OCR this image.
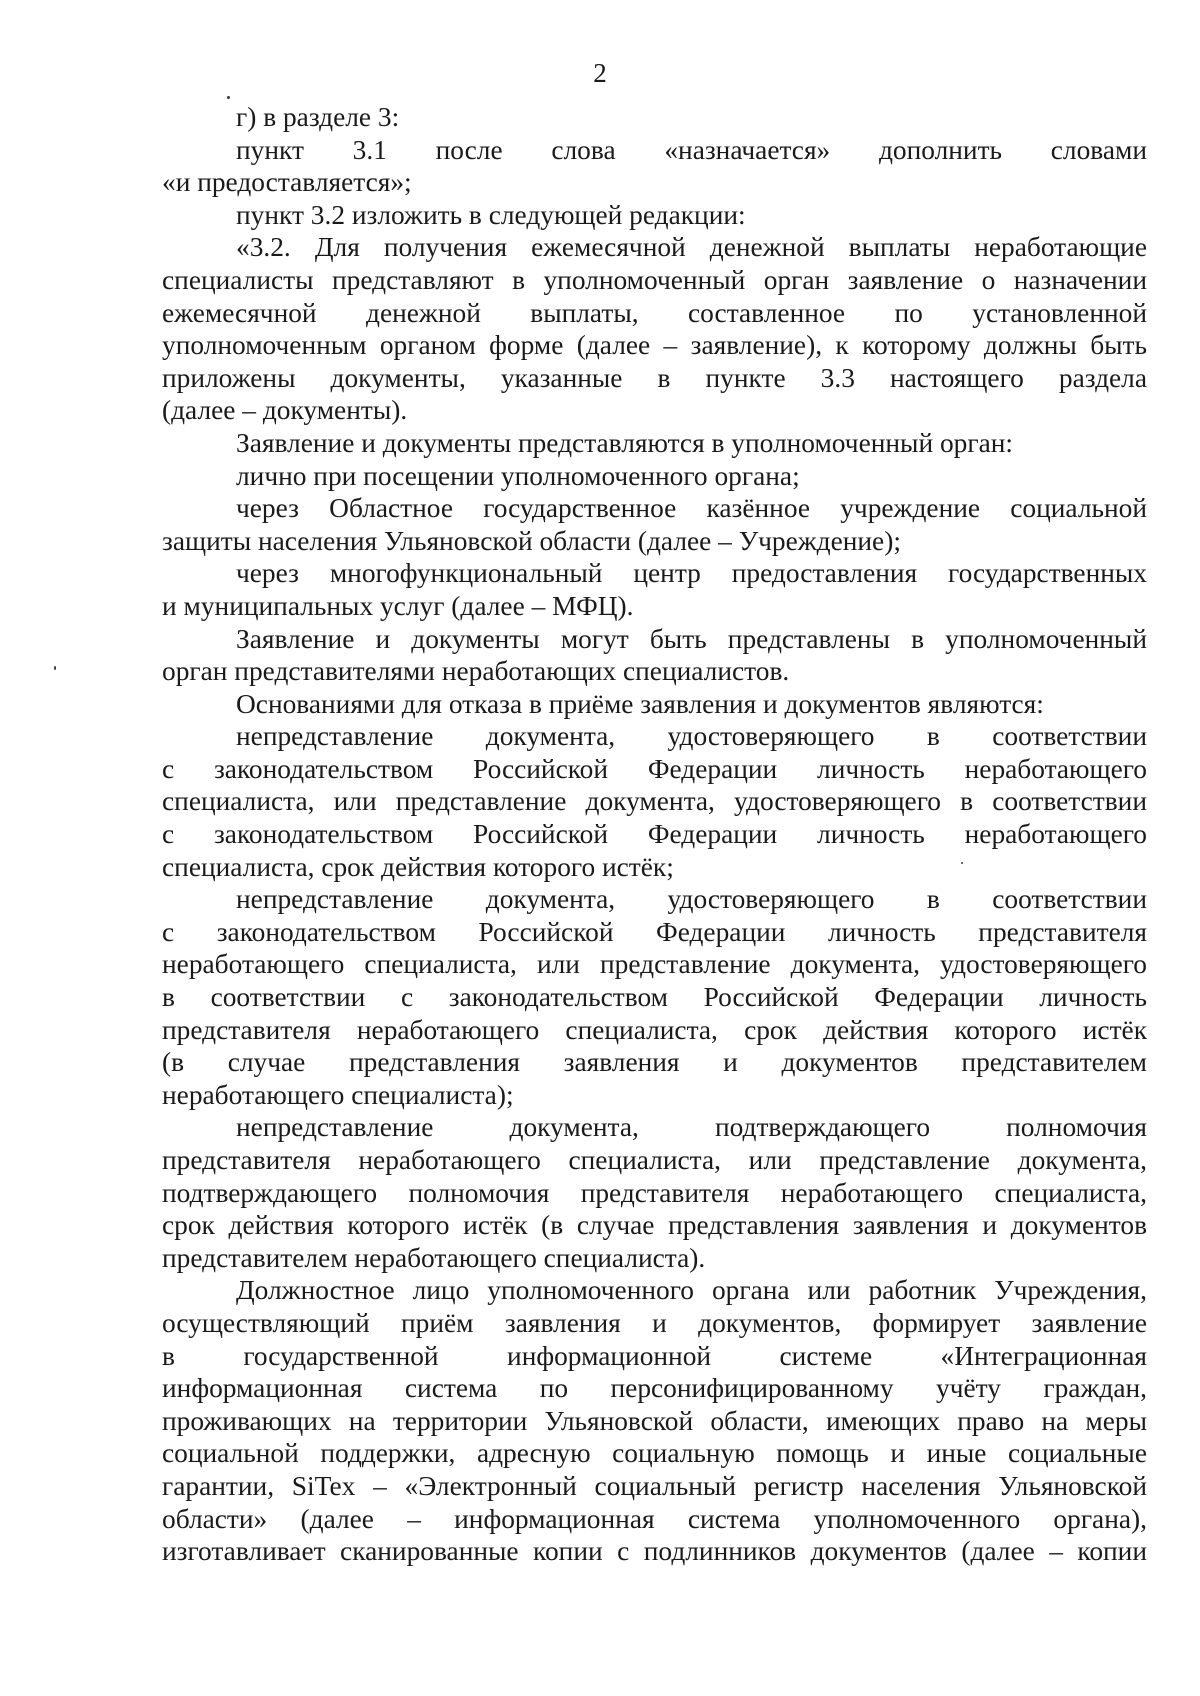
2
г) в разделе 3:
пункт 3.1 после слова «назначается» дополнить словами
«и предоставляется»;
пункт 3.2 изложить в следующей редакции:
«3.2. Для получения ежемесячной денежной выплаты неработающие
специалисты представляют в уполномоченный орган заявление о назначении
ежемесячной денежной выплаты, составленное по установленной
уполномоченным органом форме (далее – заявление), к которому должны быть
приложены документы, указанные в пункте 3.3 настоящего раздела
(далее – документы).
Заявление и документы представляются в уполномоченный орган:
лично при посещении уполномоченного органа;
через Областное государственное казённое учреждение социальной
защиты населения Ульяновской области (далее – Учреждение);
через многофункциональный центр предоставления государственных
и муниципальных услуг (далее – МФЦ).
Заявление и документы могут быть представлены в уполномоченный
орган представителями неработающих специалистов.
Основаниями для отказа в приёме заявления и документов являются:
непредставление документа, удостоверяющего в соответствии
с законодательством Российской Федерации личность неработающего
специалиста, или представление документа, удостоверяющего в соответствии
с законодательством Российской Федерации личность неработающего
специалиста, срок действия которого истёк;
непредставление документа, удостоверяющего в соответствии
с законодательством Российской Федерации личность представителя
неработающего специалиста, или представление документа, удостоверяющего
в соответствии с законодательством Российской Федерации личность
представителя неработающего специалиста, срок действия которого истёк
(в случае представления заявления и документов представителем
неработающего специалиста);
непредставление документа, подтверждающего полномочия
представителя неработающего специалиста, или представление документа,
подтверждающего полномочия представителя неработающего специалиста,
срок действия которого истёк (в случае представления заявления и документов
представителем неработающего специалиста).
Должностное лицо уполномоченного органа или работник Учреждения,
осуществляющий приём заявления и документов, формирует заявление
в государственной информационной системе «Интеграционная
информационная система по персонифицированному учёту граждан,
проживающих на территории Ульяновской области, имеющих право на меры
социальной поддержки, адресную социальную помощь и иные социальные
гарантии, SiTex – «Электронный социальный регистр населения Ульяновской
области» (далее – информационная система уполномоченного органа),
изготавливает сканированные копии с подлинников документов (далее – копии
